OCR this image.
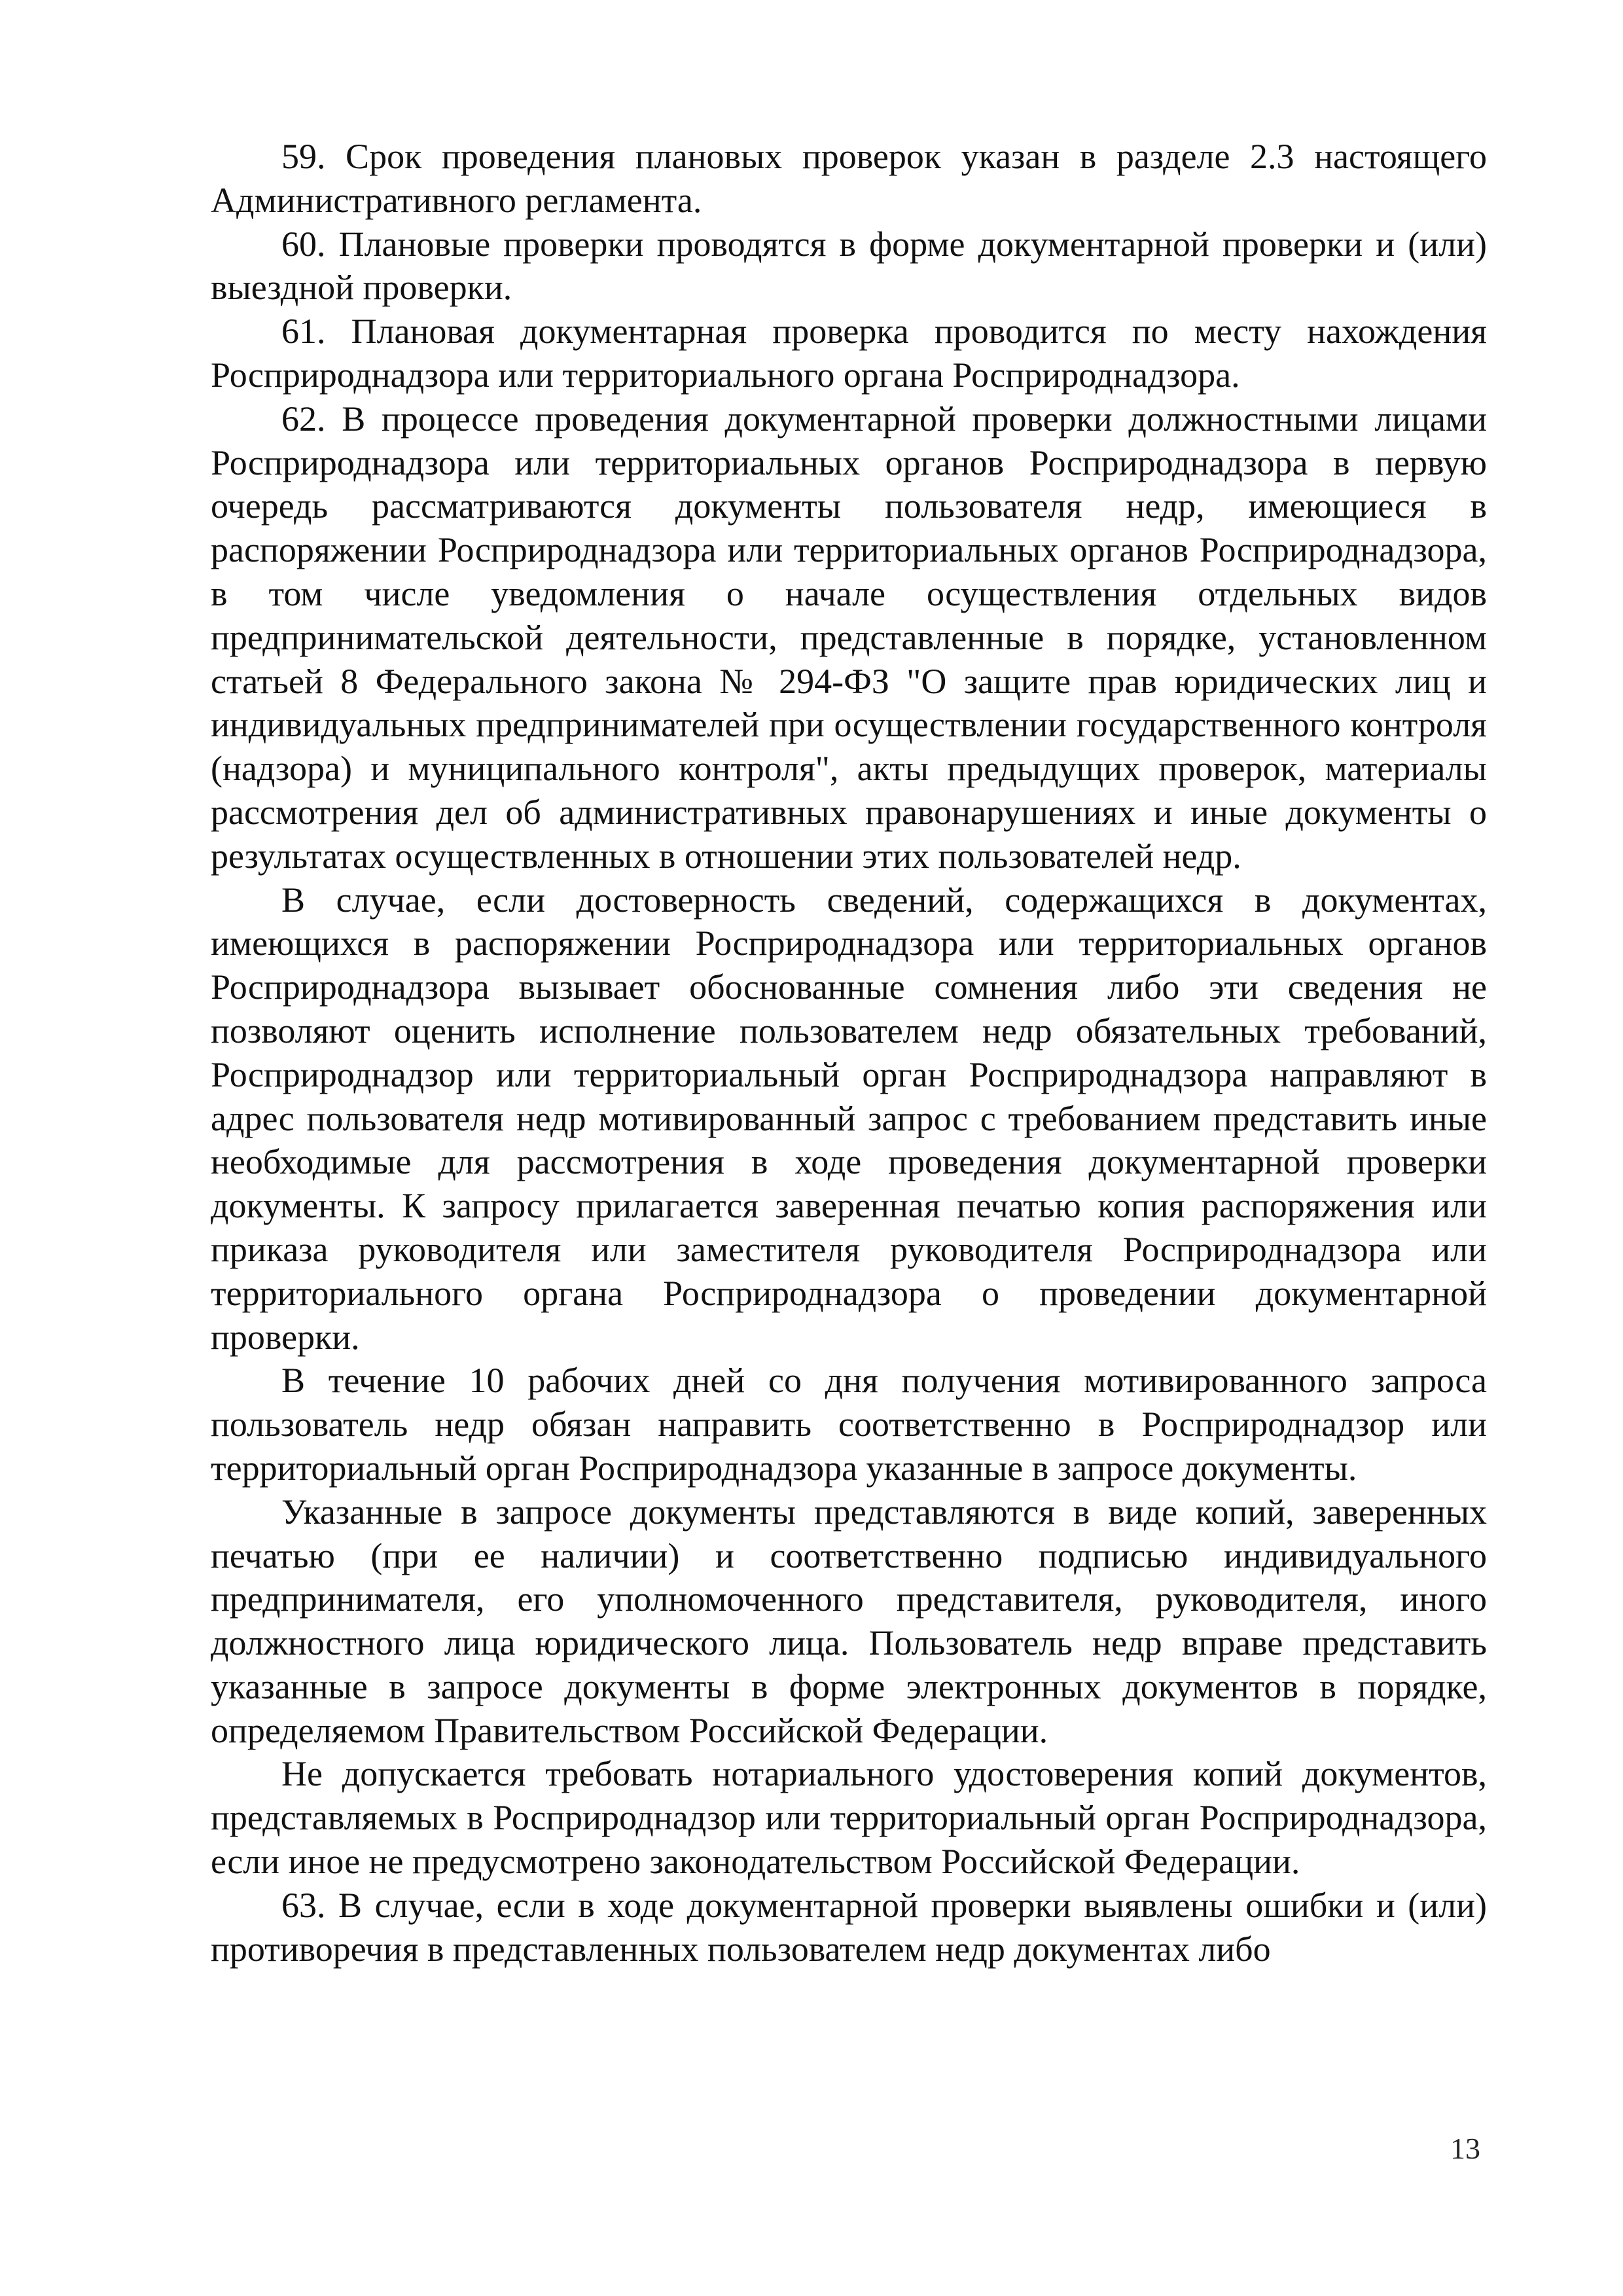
59. Срок проведения плановых проверок указан в разделе 2.3 настоящего Административного регламента.

60. Плановые проверки проводятся в форме документарной проверки и (или) выездной проверки.

61. Плановая документарная проверка проводится по месту нахождения Росприроднадзора или территориального органа Росприроднадзора.

62. В процессе проведения документарной проверки должностными лицами Росприроднадзора или территориальных органов Росприроднадзора в первую очередь рассматриваются документы пользователя недр, имеющиеся в распоряжении Росприроднадзора или территориальных органов Росприроднадзора, в том числе уведомления о начале осуществления отдельных видов предпринимательской деятельности, представленные в порядке, установленном статьей 8 Федерального закона № 294-ФЗ "О защите прав юридических лиц и индивидуальных предпринимателей при осуществлении государственного контроля (надзора) и муниципального контроля", акты предыдущих проверок, материалы рассмотрения дел об административных правонарушениях и иные документы о результатах осуществленных в отношении этих пользователей недр.

В случае, если достоверность сведений, содержащихся в документах, имеющихся в распоряжении Росприроднадзора или территориальных органов Росприроднадзора вызывает обоснованные сомнения либо эти сведения не позволяют оценить исполнение пользователем недр обязательных требований, Росприроднадзор или территориальный орган Росприроднадзора направляют в адрес пользователя недр мотивированный запрос с требованием представить иные необходимые для рассмотрения в ходе проведения документарной проверки документы. К запросу прилагается заверенная печатью копия распоряжения или приказа руководителя или заместителя руководителя Росприроднадзора или территориального органа Росприроднадзора о проведении документарной проверки.

В течение 10 рабочих дней со дня получения мотивированного запроса пользователь недр обязан направить соответственно в Росприроднадзор или территориальный орган Росприроднадзора указанные в запросе документы.

Указанные в запросе документы представляются в виде копий, заверенных печатью (при ее наличии) и соответственно подписью индивидуального предпринимателя, его уполномоченного представителя, руководителя, иного должностного лица юридического лица. Пользователь недр вправе представить указанные в запросе документы в форме электронных документов в порядке, определяемом Правительством Российской Федерации.

Не допускается требовать нотариального удостоверения копий документов, представляемых в Росприроднадзор или территориальный орган Росприроднадзора, если иное не предусмотрено законодательством Российской Федерации.

63. В случае, если в ходе документарной проверки выявлены ошибки и (или) противоречия в представленных пользователем недр документах либо

13
